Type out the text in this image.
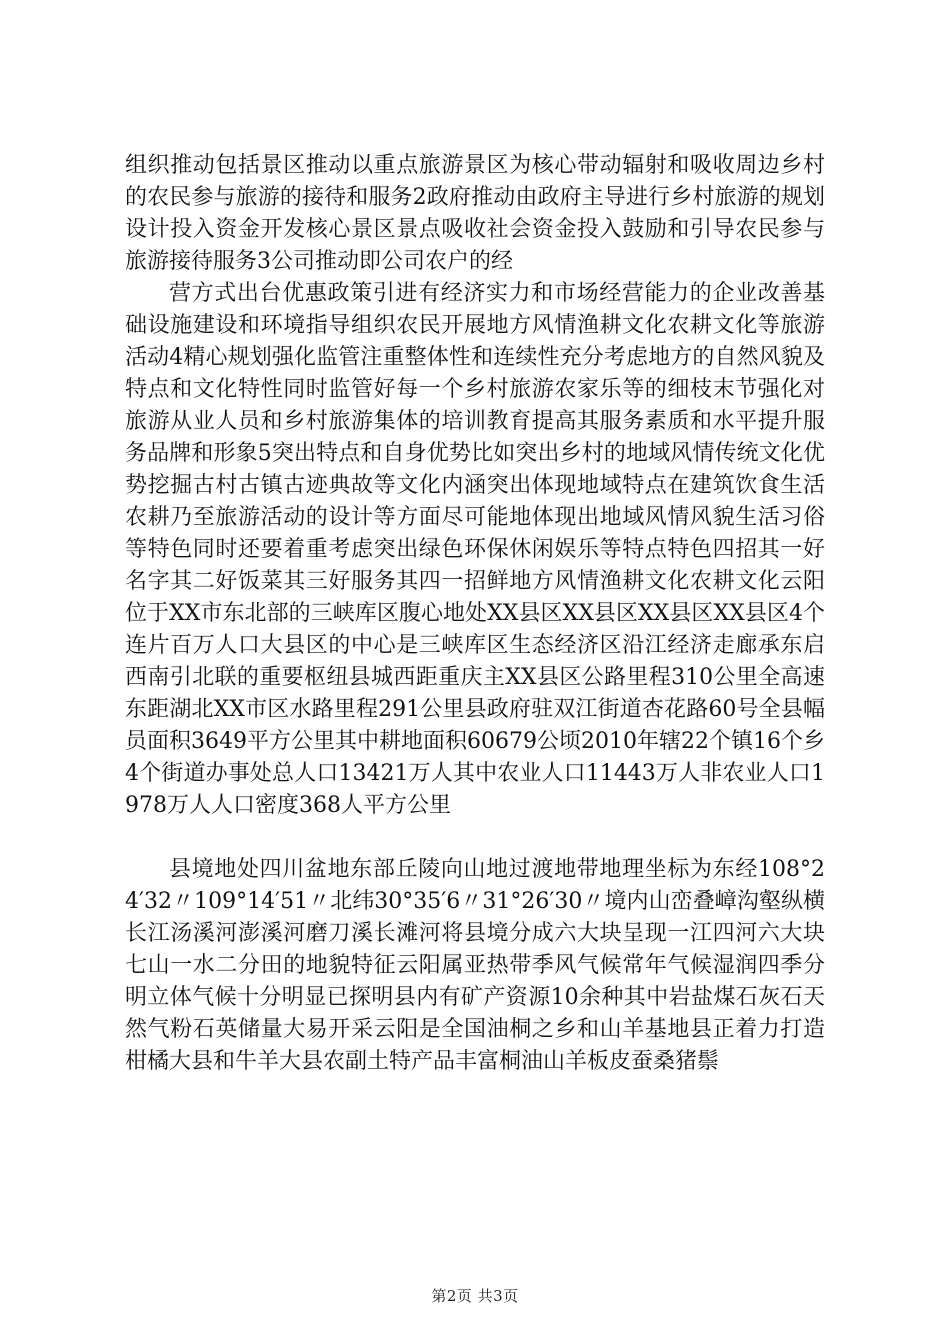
组织推动包括景区推动以重点旅游景区为核心带动辐射和吸收周边乡村的农民参与旅游的接待和服务2政府推动由政府主导进行乡村旅游的规划设计投入资金开发核心景区景点吸收社会资金投入鼓励和引导农民参与旅游接待服务3公司推动即公司农户的经

营方式出台优惠政策引进有经济实力和市场经营能力的企业改善基础设施建设和环境指导组织农民开展地方风情渔耕文化农耕文化等旅游活动4精心规划强化监管注重整体性和连续性充分考虑地方的自然风貌及特点和文化特性同时监管好每一个乡村旅游农家乐等的细枝末节强化对旅游从业人员和乡村旅游集体的培训教育提高其服务素质和水平提升服务品牌和形象5突出特点和自身优势比如突出乡村的地域风情传统文化优势挖掘古村古镇古迹典故等文化内涵突出体现地域特点在建筑饮食生活农耕乃至旅游活动的设计等方面尽可能地体现出地域风情风貌生活习俗等特色同时还要着重考虑突出绿色环保休闲娱乐等特点特色四招其一好名字其二好饭菜其三好服务其四一招鲜地方风情渔耕文化农耕文化云阳位于XX市东北部的三峡库区腹心地处XX县区XX县区XX县区XX县区4个连片百万人口大县区的中心是三峡库区生态经济区沿江经济走廊承东启西南引北联的重要枢纽县城西距重庆主XX县区公路里程310公里全高速东距湖北XX市区水路里程291公里县政府驻双江街道杏花路60号全县幅员面积3649平方公里其中耕地面积60679公顷2010年辖22个镇16个乡4个街道办事处总人口13421万人其中农业人口11443万人非农业人口1978万人人口密度368人平方公里

县境地处四川盆地东部丘陵向山地过渡地带地理坐标为东经108°24′32〃109°14′51〃北纬30°35′6〃31°26′30〃境内山峦叠嶂沟壑纵横长江汤溪河澎溪河磨刀溪长滩河将县境分成六大块呈现一江四河六大块七山一水二分田的地貌特征云阳属亚热带季风气候常年气候湿润四季分明立体气候十分明显已探明县内有矿产资源10余种其中岩盐煤石灰石天然气粉石英储量大易开采云阳是全国油桐之乡和山羊基地县正着力打造柑橘大县和牛羊大县农副土特产品丰富桐油山羊板皮蚕桑猪鬃

第2页 共3页
